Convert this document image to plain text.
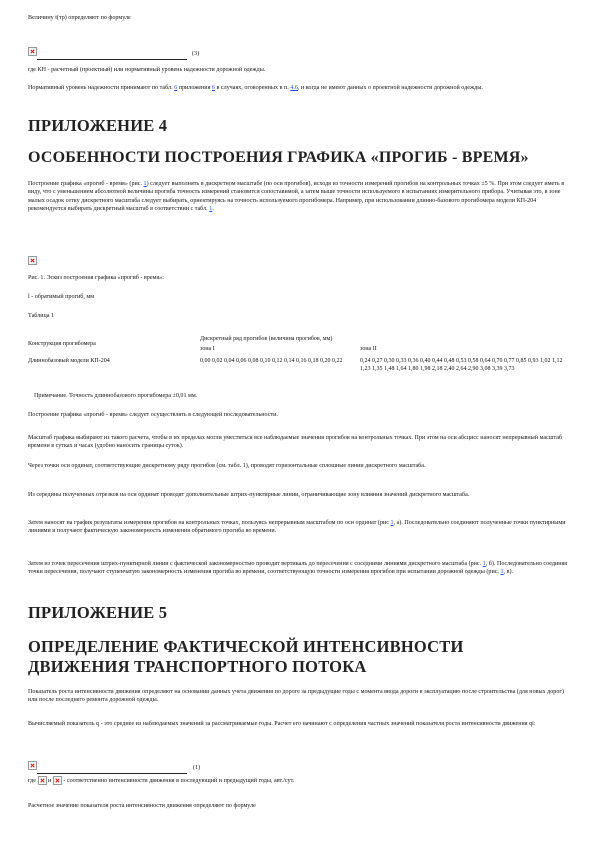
Величину t(тр) определяют по формуле

(3)

где КН - расчетный (проектный) или нормативный уровень надежности дорожной одежды.

Нормативный уровень надежности принимают по табл. 6 приложения 6 в случаях, оговоренных в п. 4.6, и когда не имеют данных о проектной надежности дорожной одежды.

ПРИЛОЖЕНИЕ 4
ОСОБЕННОСТИ ПОСТРОЕНИЯ ГРАФИКА «ПРОГИБ - ВРЕМЯ»

Построение графика «прогиб - время» (рис. 1) следует выполнять в дискретном масштабе (по оси прогибов), исходя из точности измерений прогибов на контрольных точках ±5 %. При этом следует иметь в виду, что с уменьшением абсолютной величины прогиба точность измерений становится сопоставимой, а затем выше точности используемого в испытаниях измерительного прибора. Учитывая это, в зоне малых осадок сетку дискретного масштаба следует выбирать, ориентируясь на точность используемого прогибомера. Например, при использовании длинно-базового прогибомера модели КП-204 рекомендуется выбирать дискретный масштаб в соответствии с табл. 1.

Рис. 1. Эскиз построения графика «прогиб - время»:

l - обратимый прогиб, мм

Таблица 1

Конструкция прогибомера	Дискретный ряд прогибов (величина прогибов, мм)	
	зона I	зона II
Длиннобазовый модели КП-204	0,00 0,02 0,04 0,06 0,08 0,10 0,12 0,14 0,16 0,18 0,20 0,22	0,24 0,27 0,30 0,33 0,36 0,40 0,44 0,48 0,53 0,58 0,64 0,70 0,77 0,85 0,93 1,02 1,12 1,23 1,35 1,48 1,64 1,80 1,98 2,18 2,40 2,64 2,90 3,08 3,39 3,73

Примечание. Точность длиннобазового прогибомера ±0,01 мм.

Построение графика «прогиб - время» следует осуществлять в следующей последовательности.

Масштаб графика выбирают из такого расчета, чтобы в их пределах могли уместиться все наблюдаемые значения прогибов на контрольных точках. При этом на оси абсцисс наносят непрерывный масштаб времени в сутках и часах (удобно наносить границы суток).

Через точки оси ординат, соответствующие дискретному ряду прогибов (см. табл. 1), проводят горизонтальные сплошные линии дискретного масштаба.

Из середины полученных отрезков на оси ординат проводят дополнительные штрих-пунктирные линии, ограничивающие зону влияния значений дискретного масштаба.

Затем наносят на график результаты измерения прогибов на контрольных точках, пользуясь непрерывным масштабом по оси ординат (рис 1, а). Последовательно соединяют полученные точки пунктирными линиями и получают фактическую закономерность изменения обратимого прогиба во времени.

Затем из точек пересечения штрих-пунктирной линии с фактической закономерностью проводят вертикаль до пересечения с соседними линиями дискретного масштаба (рис. 1, б). Последовательно соединяя точки пересечения, получают ступенчатую закономерность изменения прогиба во времени, соответствующую точности измерения прогибов при испытании дорожной одежды (рис. 1, в).

ПРИЛОЖЕНИЕ 5
ОПРЕДЕЛЕНИЕ ФАКТИЧЕСКОЙ ИНТЕНСИВНОСТИ
ДВИЖЕНИЯ ТРАНСПОРТНОГО ПОТОКА

Показатель роста интенсивности движения определяют на основании данных учета движения по дороге за предыдущие годы с момента ввода дороги в эксплуатацию после строительства (для новых дорог) или после последнего ремонта дорожной одежды.

Вычисляемый показатель q - это среднее из наблюдаемых значений за рассматриваемые годы. Расчет его начинают с определения частных значений показателя роста интенсивности движения qi:

(1)

где  и  - соответственно интенсивности движения в последующий и предыдущий годы, авт./сут.

Расчетное значение показателя роста интенсивности движения определяют по формуле
